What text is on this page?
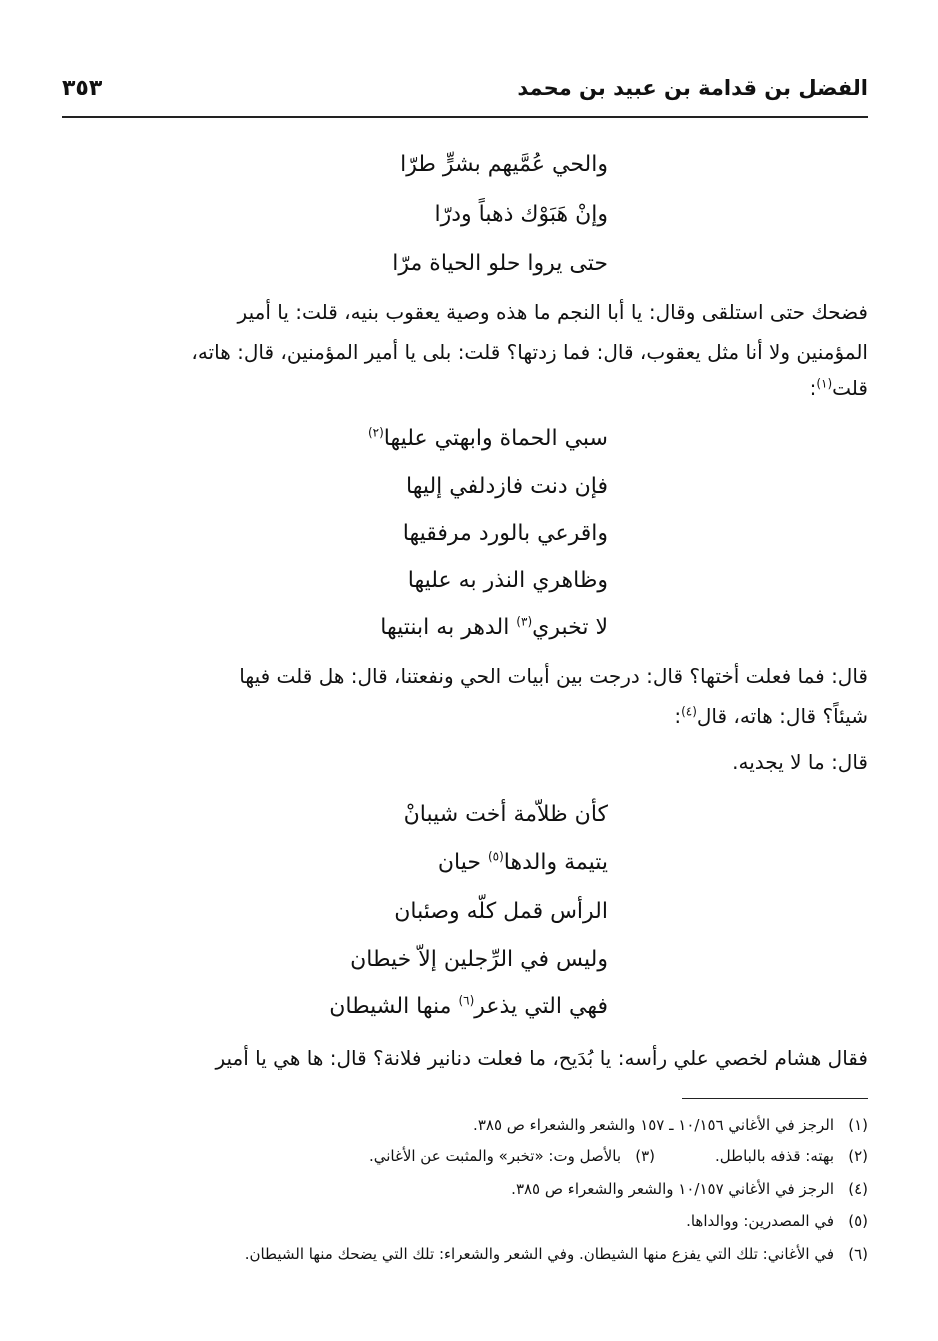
الفضل بن قدامة بن عبيد بن محمد
٣٥٣
والحي عُمَّيهم بشرٍّ طرّا
وإنْ هَبَوْك ذهباً ودرّا
حتى يروا حلو الحياة مرّا
فضحك حتى استلقى وقال: يا أبا النجم ما هذه وصية يعقوب بنيه، قلت: يا أمير
المؤمنين ولا أنا مثل يعقوب، قال: فما زدتها؟ قلت: بلى يا أمير المؤمنين، قال: هاته،
قلت$^{(١)}$:
سبي الحماة وابهتي عليها$^{(٢)}$
فإن دنت فازدلفي إليها
واقرعي بالورد مرفقيها
وظاهري النذر به عليها
لا تخبري$^{(٣)}$ الدهر به ابنتيها
قال: فما فعلت أختها؟ قال: درجت بين أبيات الحي ونفعتنا، قال: هل قلت فيها
شيئاً؟ قال: هاته، قال$^{(٤)}$:
قال: ما لا يجديه.
كأن ظلاّمة أخت شيبانْ
يتيمة والدها$^{(٥)}$ حيان
الرأس قمل كلّه وصئبان
وليس في الرِّجلين إلاّ خيطان
فهي التي يذعر$^{(٦)}$ منها الشيطان
فقال هشام لخصي علي رأسه: يا بُدَيح، ما فعلت دنانير فلانة؟ قال: ها هي يا أمير
(١)الرجز في الأغاني ١٠/١٥٦ ـ ١٥٧ والشعر والشعراء ص ٣٨٥.
(٢)بهته: قذفه بالباطل.(٣)بالأصل وت: «تخبر» والمثبت عن الأغاني.
(٤)الرجز في الأغاني ١٠/١٥٧ والشعر والشعراء ص ٣٨٥.
(٥)في المصدرين: ووالداها.
(٦)في الأغاني: تلك التي يفزع منها الشيطان. وفي الشعر والشعراء: تلك التي يضحك منها الشيطان.
